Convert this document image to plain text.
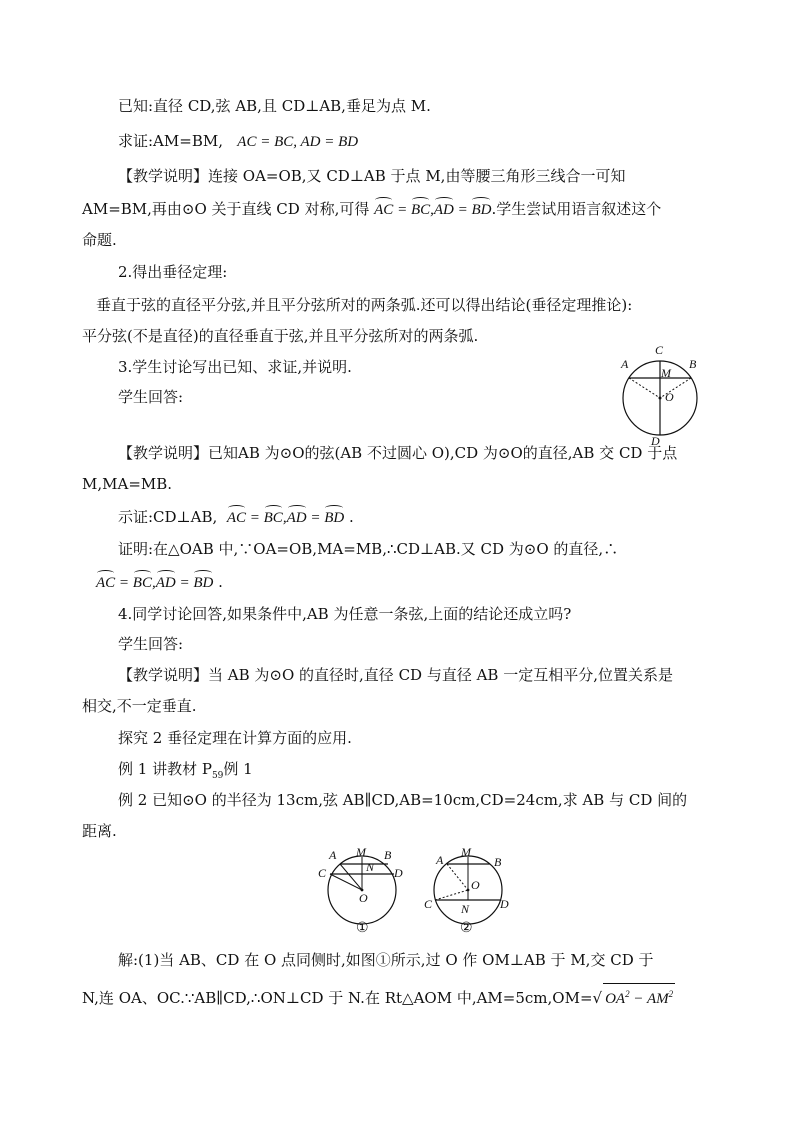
已知:直径 CD,弦 AB,且 CD⊥AB,垂足为点 M.
求证:AM=BM, AC = BC, AD = BD
【教学说明】连接 OA=OB,又 CD⊥AB 于点 M,由等腰三角形三线合一可知
AM=BM,再由⊙O 关于直线 CD 对称,可得 AC = BC,AD = BD.学生尝试用语言叙述这个
命题.
2.得出垂径定理:
垂直于弦的直径平分弦,并且平分弦所对的两条弧.还可以得出结论(垂径定理推论):
平分弦(不是直径)的直径垂直于弦,并且平分弦所对的两条弧.
3.学生讨论写出已知、求证,并说明.
学生回答:
C
A	B
M
O
D
【教学说明】已知AB 为⊙O的弦(AB 不过圆心 O),CD 为⊙O的直径,AB 交 CD 于点
M,MA=MB.
示证:CD⊥AB, AC = BC,AD = BD .
证明:在△OAB 中,∵OA=OB,MA=MB,∴CD⊥AB.又 CD 为⊙O 的直径,∴
AC = BC,AD = BD .
4.同学讨论回答,如果条件中,AB 为任意一条弦,上面的结论还成立吗?
学生回答:
【教学说明】当 AB 为⊙O 的直径时,直径 CD 与直径 AB 一定互相平分,位置关系是
相交,不一定垂直.
探究 2 垂径定理在计算方面的应用.
例 1 讲教材 $P_{59}$例 1
例 2 已知⊙O 的半径为 13cm,弦 AB∥CD,AB=10cm,CD=24cm,求 AB 与 CD 间的
距离.
A M B
C	N D
O
①
A
M
B
O
C N	D
②
解:(1)当 AB、CD 在 O 点同侧时,如图①所示,过 O 作 OM⊥AB 于 M,交 CD 于
N,连 OA、OC.∵AB∥CD,∴ON⊥CD 于 N.在 Rt△AOM 中,AM=5cm,OM=√ $OA^2 - AM^2$
